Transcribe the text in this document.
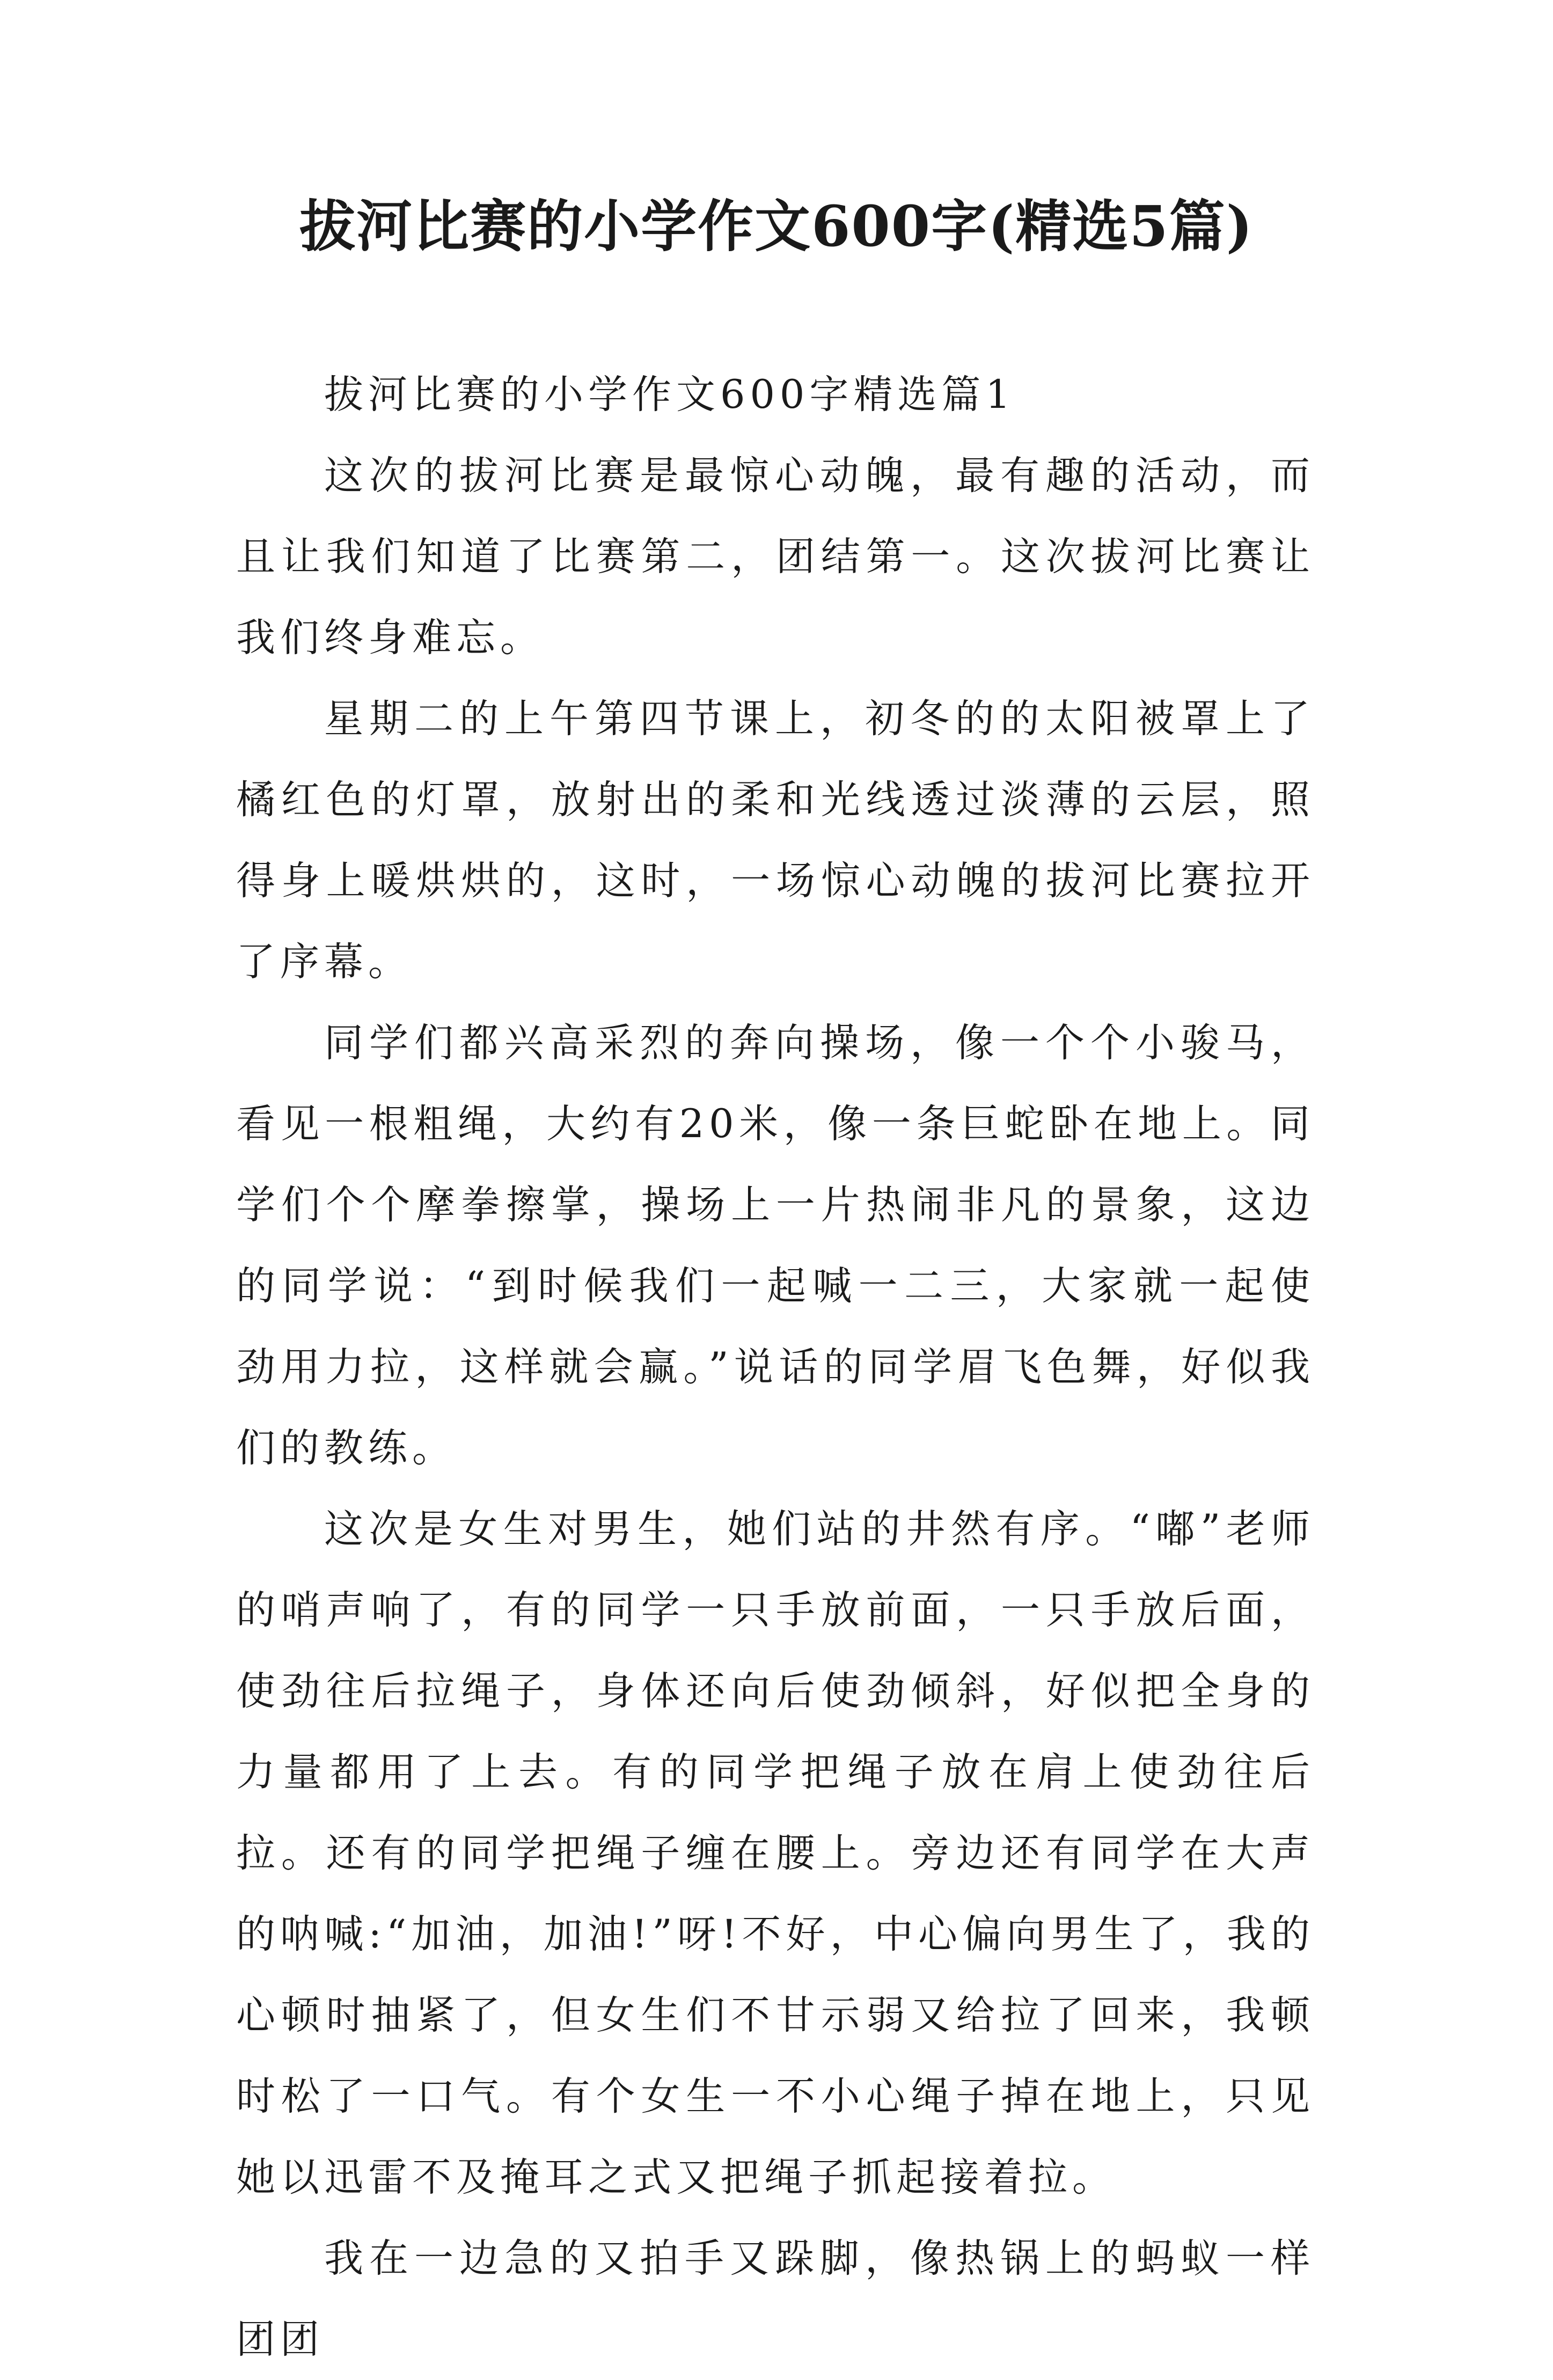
拔河比赛的小学作文600字(精选5篇)

拔河比赛的小学作文600字精选篇1

这次的拔河比赛是最惊心动魄，最有趣的活动，而且让我们知道了比赛第二，团结第一。这次拔河比赛让我们终身难忘。

星期二的上午第四节课上，初冬的的太阳被罩上了橘红色的灯罩，放射出的柔和光线透过淡薄的云层，照得身上暖烘烘的，这时，一场惊心动魄的拔河比赛拉开了序幕。

同学们都兴高采烈的奔向操场，像一个个小骏马，看见一根粗绳，大约有20米，像一条巨蛇卧在地上。同学们个个摩拳擦掌，操场上一片热闹非凡的景象，这边的同学说：“到时候我们一起喊一二三，大家就一起使劲用力拉，这样就会赢。”说话的同学眉飞色舞，好似我们的教练。

这次是女生对男生，她们站的井然有序。“嘟”老师的哨声响了，有的同学一只手放前面，一只手放后面，使劲往后拉绳子，身体还向后使劲倾斜，好似把全身的力量都用了上去。有的同学把绳子放在肩上使劲往后拉。还有的同学把绳子缠在腰上。旁边还有同学在大声的呐喊:“加油，加油!”呀!不好，中心偏向男生了，我的心顿时抽紧了，但女生们不甘示弱又给拉了回来，我顿时松了一口气。有个女生一不小心绳子掉在地上，只见她以迅雷不及掩耳之式又把绳子抓起接着拉。

我在一边急的又拍手又跺脚，像热锅上的蚂蚁一样团团
